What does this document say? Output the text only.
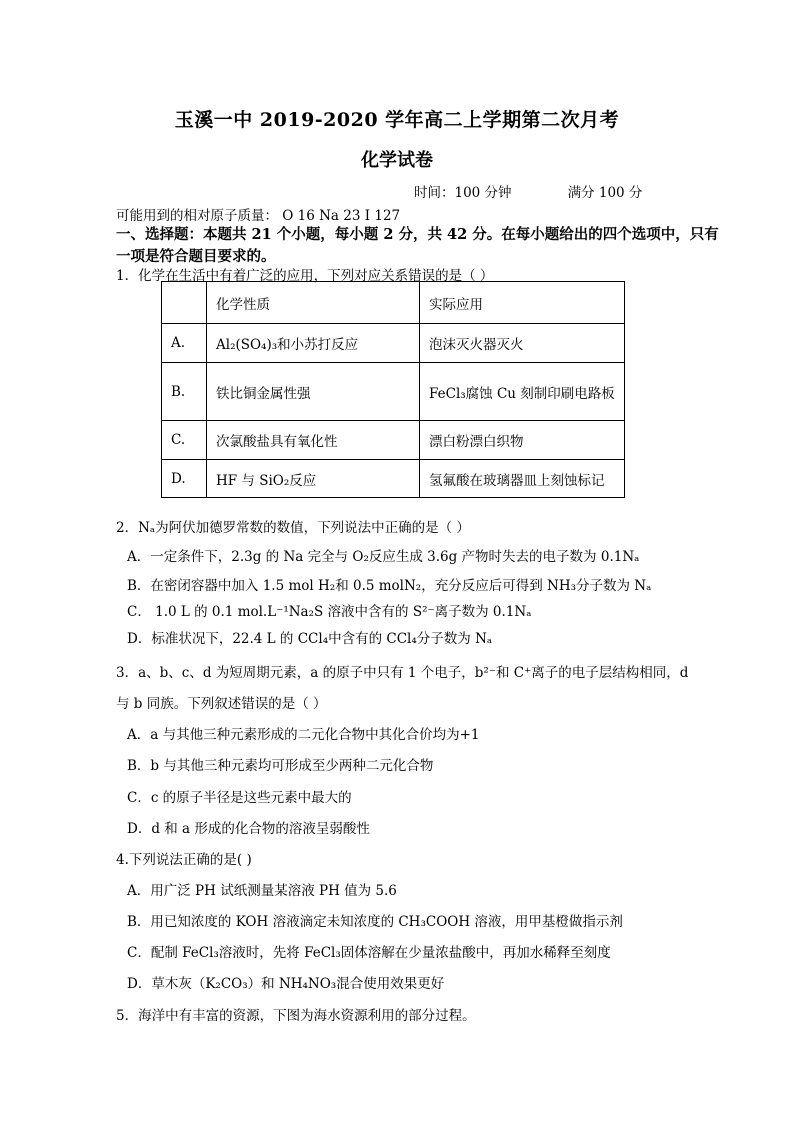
玉溪一中 2019-2020 学年高二上学期第二次月考
化学试卷
时间：100 分钟	满分 100 分
可能用到的相对原子质量： O 16 Na 23 I 127
一、选择题：本题共 21 个小题，每小题 2 分，共 42 分。在每小题给出的四个选项中，只有
一项是符合题目要求的。
1．化学在生活中有着广泛的应用，下列对应关系错误的是（ ）
	化学性质	实际应用
A.	Al₂(SO₄)₃和小苏打反应	泡沫灭火器灭火
B.	铁比铜金属性强	FeCl₃腐蚀 Cu 刻制印刷电路板
C.	次氯酸盐具有氧化性	漂白粉漂白织物
D.	HF 与 SiO₂反应	氢氟酸在玻璃器皿上刻蚀标记
2．Nₐ为阿伏加德罗常数的数值，下列说法中正确的是（ ）
A．一定条件下，2.3g 的 Na 完全与 O₂反应生成 3.6g 产物时失去的电子数为 0.1Nₐ
B．在密闭容器中加入 1.5 mol H₂和 0.5 molN₂，充分反应后可得到 NH₃分子数为 Nₐ
C． 1.0 L 的 0.1 mol.L⁻¹Na₂S 溶液中含有的 S²⁻离子数为 0.1Nₐ
D．标准状况下，22.4 L 的 CCl₄中含有的 CCl₄分子数为 Nₐ
3．a、b、c、d 为短周期元素，a 的原子中只有 1 个电子，b²⁻和 C⁺离子的电子层结构相同，d
与 b 同族。下列叙述错误的是（ ）
A．a 与其他三种元素形成的二元化合物中其化合价均为+1
B．b 与其他三种元素均可形成至少两种二元化合物
C．c 的原子半径是这些元素中最大的
D．d 和 a 形成的化合物的溶液呈弱酸性
4.下列说法正确的是( )
A．用广泛 PH 试纸测量某溶液 PH 值为 5.6
B．用已知浓度的 KOH 溶液滴定未知浓度的 CH₃COOH 溶液，用甲基橙做指示剂
C．配制 FeCl₃溶液时，先将 FeCl₃固体溶解在少量浓盐酸中，再加水稀释至刻度
D．草木灰（K₂CO₃）和 NH₄NO₃混合使用效果更好
5．海洋中有丰富的资源，下图为海水资源利用的部分过程。
